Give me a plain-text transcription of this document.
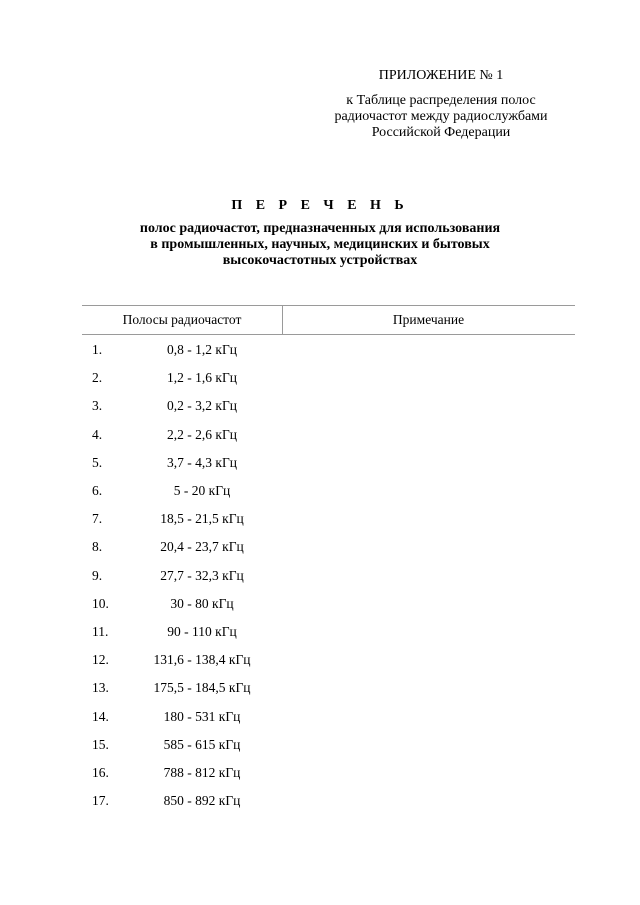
ПРИЛОЖЕНИЕ № 1
к Таблице распределения полос
радиочастот между радиослужбами
Российской Федерации
П Е Р Е Ч Е Н Ь
полос радиочастот, предназначенных для использования
в промышленных, научных, медицинских и бытовых
высокочастотных устройствах
Полосы радиочастот	Примечание
1.	0,8 - 1,2 кГц
2.	1,2 - 1,6 кГц
3.	0,2 - 3,2 кГц
4.	2,2 - 2,6 кГц
5.	3,7 - 4,3 кГц
6.	5 - 20 кГц
7.	18,5 - 21,5 кГц
8.	20,4 - 23,7 кГц
9.	27,7 - 32,3 кГц
10.	30 - 80 кГц
11.	90 - 110 кГц
12.	131,6 - 138,4 кГц
13.	175,5 - 184,5 кГц
14.	180 - 531 кГц
15.	585 - 615 кГц
16.	788 - 812 кГц
17.	850 - 892 кГц
